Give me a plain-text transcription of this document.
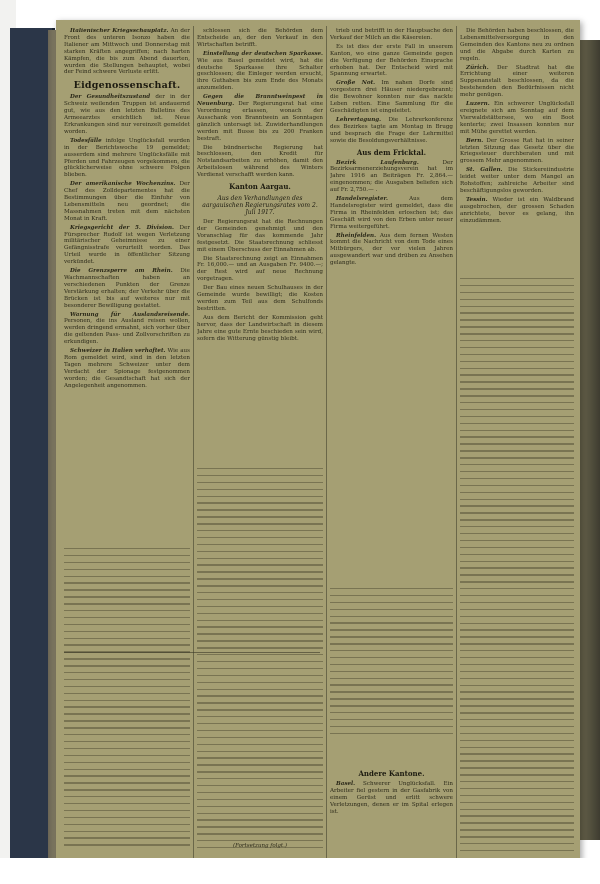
Italienischer Kriegsschauplatz. An der Front des unteren Isonzo haben die Italiener am Mittwoch und Donnerstag mit starken Kräften angegriffen; nach harten Kämpfen, die bis zum Abend dauerten, wurden die Stellungen behauptet, wobei der Feind schwere Verluste erlitt.

Eidgenossenschaft.

Der Gesundheitszustand der in der Schweiz weilenden Truppen ist andauernd gut, wie aus den letzten Bulletins des Armeearztes ersichtlich ist. Neue Erkrankungen sind nur vereinzelt gemeldet worden.

Todesfälle infolge Unglücksfall wurden in der Berichtswoche 19 gemeldet; ausserdem sind mehrere Unglücksfälle mit Pferden und Fahrzeugen vorgekommen, die glücklicherweise ohne schwere Folgen blieben.

Der amerikanische Wochenzins. Der Chef des Zolldepartementes hat die Bestimmungen über die Einfuhr von Lebensmitteln neu geordnet; die Massnahmen treten mit dem nächsten Monat in Kraft.

Kriegsgericht der 5. Division. Der Fürsprecher Rudolf ist wegen Verletzung militärischer Geheimnisse zu einer Gefängnisstrafe verurteilt worden. Das Urteil wurde in öffentlicher Sitzung verkündet.

Die Grenzsperre am Rhein. Die Wachmannschaften haben an verschiedenen Punkten der Grenze Verstärkung erhalten; der Verkehr über die Brücken ist bis auf weiteres nur mit besonderer Bewilligung gestattet.

Warnung für Auslandsreisende. Personen, die ins Ausland reisen wollen, werden dringend ermahnt, sich vorher über die geltenden Pass- und Zollvorschriften zu erkundigen.

Schweizer in Italien verhaftet. Wie aus Rom gemeldet wird, sind in den letzten Tagen mehrere Schweizer unter dem Verdacht der Spionage festgenommen worden; die Gesandtschaft hat sich der Angelegenheit angenommen.

schlossen sich die Behörden dem Entscheide an, der den Verkauf in den Wirtschaften betrifft.

Einstellung der deutschen Sparkasse. Wie aus Basel gemeldet wird, hat die deutsche Sparkasse ihre Schalter geschlossen; die Einleger werden ersucht, ihre Guthaben bis zum Ende des Monats anzumelden.

Gegen die Branntweinpest in Neuenburg. Der Regierungsrat hat eine Verordnung erlassen, wonach der Ausschank von Branntwein an Sonntagen gänzlich untersagt ist. Zuwiderhandlungen werden mit Busse bis zu 200 Franken bestraft.

Die bündnerische Regierung hat beschlossen, den Kredit für Notstandsarbeiten zu erhöhen, damit den Arbeitslosen während des Winters Verdienst verschafft werden kann.

Kanton Aargau.
Aus den Verhandlungen des aargauischen Regierungsrates vom 2. Juli 1917.

Der Regierungsrat hat die Rechnungen der Gemeinden genehmigt und den Voranschlag für das kommende Jahr festgesetzt. Die Staatsrechnung schliesst mit einem Überschuss der Einnahmen ab.

Die Staatsrechnung zeigt an Einnahmen Fr. 16,000.— und an Ausgaben Fr. 9400.—; der Rest wird auf neue Rechnung vorgetragen.

Der Bau eines neuen Schulhauses in der Gemeinde wurde bewilligt; die Kosten werden zum Teil aus dem Schulfonds bestritten.

Aus dem Bericht der Kommission geht hervor, dass der Landwirtschaft in diesem Jahre eine gute Ernte beschieden sein wird, sofern die Witterung günstig bleibt.

(Fortsetzung folgt.)

trieb und betrifft in der Hauptsache den Verkauf der Milch an die Käsereien.

Es ist dies der erste Fall in unserem Kanton, wo eine ganze Gemeinde gegen die Verfügung der Behörden Einsprache erhoben hat. Der Entscheid wird mit Spannung erwartet.

Große Not. Im nahen Dorfe sind vorgestern drei Häuser niedergebrannt; die Bewohner konnten nur das nackte Leben retten. Eine Sammlung für die Geschädigten ist eingeleitet.

Lehrertagung. Die Lehrerkonferenz des Bezirkes tagte am Montag in Brugg und besprach die Frage der Lehrmittel sowie die Besoldungsverhältnisse.

Aus dem Fricktal.

Bezirk Laufenburg.	Der Bezirksarmenerziehungsverein hat im Jahre 1916 an Beiträgen Fr. 2,864.— eingenommen; die Ausgaben beliefen sich auf Fr. 2,750.— .

Handelsregister.	Aus dem Handelsregister wird gemeldet, dass die Firma in Rheinfelden erloschen ist; das Geschäft wird von den Erben unter neuer Firma weitergeführt.

Rheinfelden. Aus dem fernen Westen kommt die Nachricht von dem Tode eines Mitbürgers, der vor vielen Jahren ausgewandert war und drüben zu Ansehen gelangte.

Andere Kantone.

Basel. Schwerer Unglücksfall. Ein Arbeiter fiel gestern in der Gasfabrik von einem Gerüst und erlitt schwere Verletzungen, denen er im Spital erlegen ist.

Die Behörden haben beschlossen, die Lebensmittelversorgung in den Gemeinden des Kantons neu zu ordnen und die Abgabe durch Karten zu regeln.

Zürich. Der Stadtrat hat die Errichtung einer weiteren Suppenanstalt beschlossen, da die bestehenden den Bedürfnissen nicht mehr genügen.

Luzern. Ein schwerer Unglücksfall ereignete sich am Sonntag auf dem Vierwaldstättersee, wo ein Boot kenterte; zwei Insassen konnten nur mit Mühe gerettet werden.

Bern. Der Grosse Rat hat in seiner letzten Sitzung das Gesetz über die Kriegssteuer durchberaten und mit grossem Mehr angenommen.

St. Gallen. Die Stickereiindustrie leidet weiter unter dem Mangel an Rohstoffen; zahlreiche Arbeiter sind beschäftigungslos geworden.

Tessin. Wieder ist ein Waldbrand ausgebrochen, der grossen Schaden anrichtete, bevor es gelang, ihn einzudämmen.
